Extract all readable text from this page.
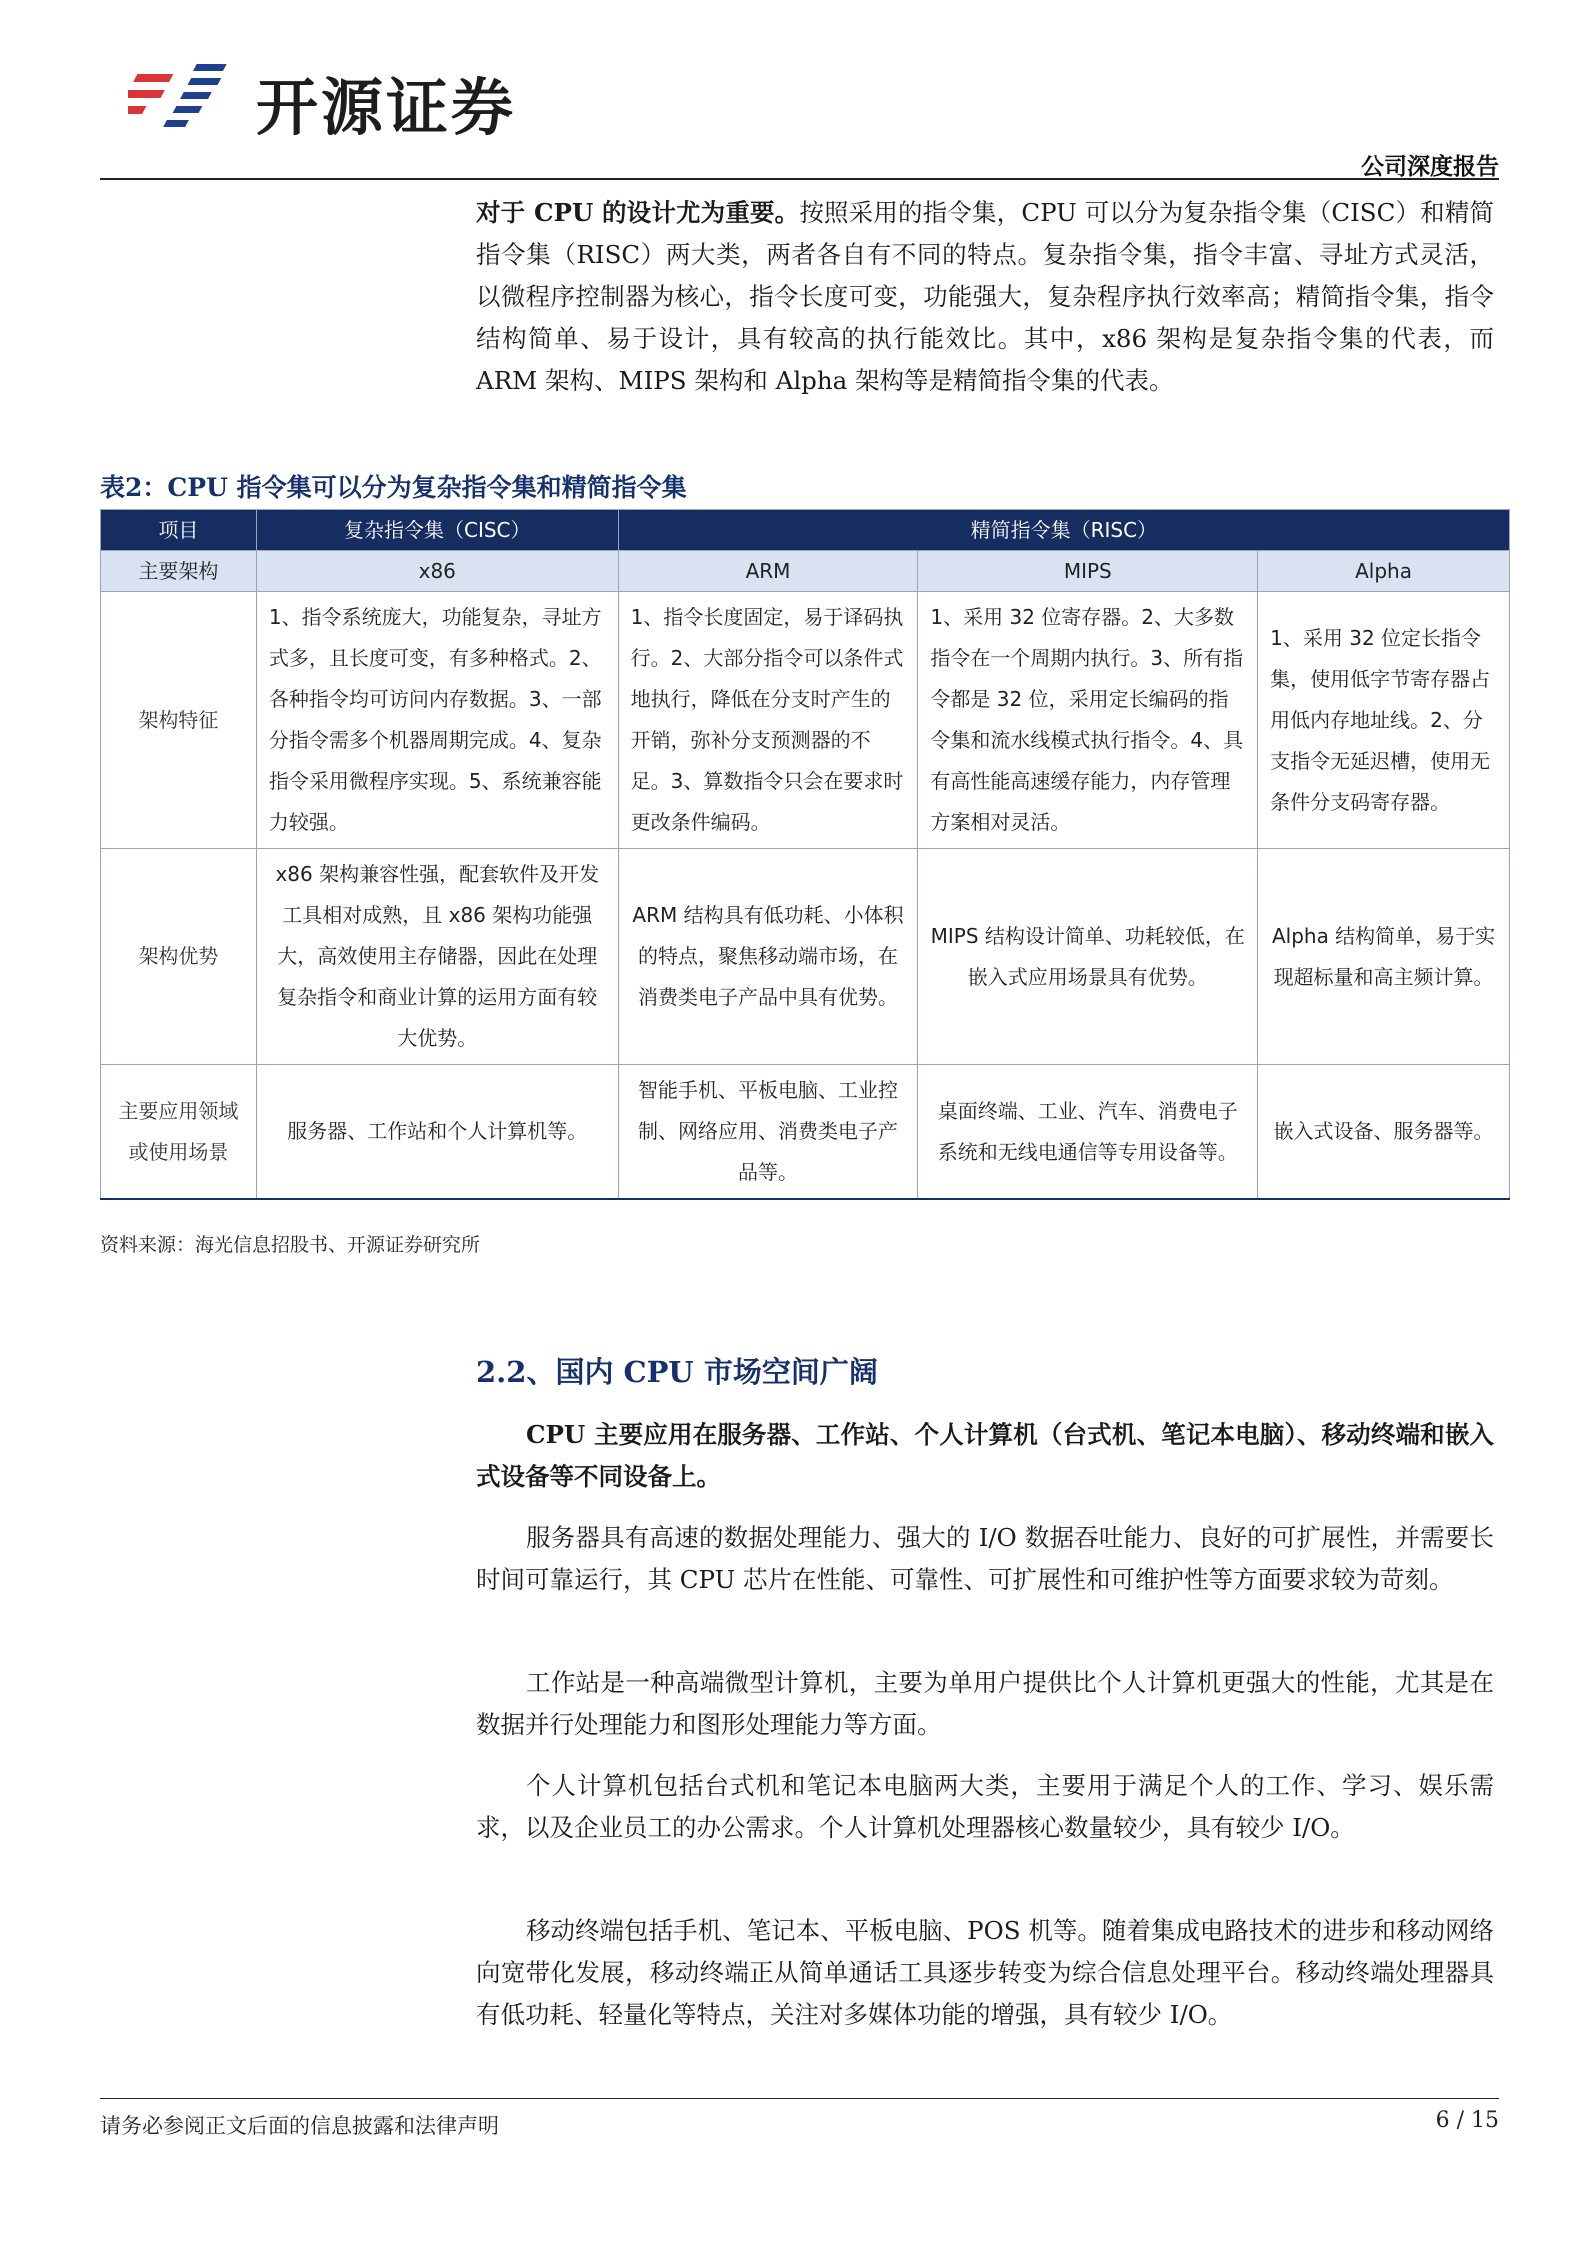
开源证券
公司深度报告

对于 CPU 的设计尤为重要。按照采用的指令集，CPU 可以分为复杂指令集（CISC）和精简指令集（RISC）两大类，两者各自有不同的特点。复杂指令集，指令丰富、寻址方式灵活，以微程序控制器为核心，指令长度可变，功能强大，复杂程序执行效率高；精简指令集，指令结构简单、易于设计，具有较高的执行能效比。其中，x86 架构是复杂指令集的代表，而 ARM 架构、MIPS 架构和 Alpha 架构等是精简指令集的代表。

表2：CPU 指令集可以分为复杂指令集和精简指令集
项目	复杂指令集（CISC）	精简指令集（RISC）		
主要架构	x86	ARM	MIPS	Alpha
架构特征	1、指令系统庞大，功能复杂，寻址方式多，且长度可变，有多种格式。2、各种指令均可访问内存数据。3、一部分指令需多个机器周期完成。4、复杂指令采用微程序实现。5、系统兼容能力较强。	1、指令长度固定，易于译码执行。2、大部分指令可以条件式地执行，降低在分支时产生的开销，弥补分支预测器的不足。3、算数指令只会在要求时更改条件编码。	1、采用 32 位寄存器。2、大多数指令在一个周期内执行。3、所有指令都是 32 位，采用定长编码的指令集和流水线模式执行指令。4、具有高性能高速缓存能力，内存管理方案相对灵活。	1、采用 32 位定长指令集，使用低字节寄存器占用低内存地址线。2、分支指令无延迟槽，使用无条件分支码寄存器。
架构优势	x86 架构兼容性强，配套软件及开发工具相对成熟，且 x86 架构功能强大，高效使用主存储器，因此在处理复杂指令和商业计算的运用方面有较大优势。	ARM 结构具有低功耗、小体积的特点，聚焦移动端市场，在消费类电子产品中具有优势。	MIPS 结构设计简单、功耗较低，在嵌入式应用场景具有优势。	Alpha 结构简单，易于实现超标量和高主频计算。
主要应用领域或使用场景	服务器、工作站和个人计算机等。	智能手机、平板电脑、工业控制、网络应用、消费类电子产品等。	桌面终端、工业、汽车、消费电子系统和无线电通信等专用设备等。	嵌入式设备、服务器等。
资料来源：海光信息招股书、开源证券研究所
2.2、国内 CPU 市场空间广阔

CPU 主要应用在服务器、工作站、个人计算机（台式机、笔记本电脑）、移动终端和嵌入式设备等不同设备上。

服务器具有高速的数据处理能力、强大的 I/O 数据吞吐能力、良好的可扩展性，并需要长时间可靠运行，其 CPU 芯片在性能、可靠性、可扩展性和可维护性等方面要求较为苛刻。

工作站是一种高端微型计算机，主要为单用户提供比个人计算机更强大的性能，尤其是在数据并行处理能力和图形处理能力等方面。

个人计算机包括台式机和笔记本电脑两大类，主要用于满足个人的工作、学习、娱乐需求，以及企业员工的办公需求。个人计算机处理器核心数量较少，具有较少 I/O。

移动终端包括手机、笔记本、平板电脑、POS 机等。随着集成电路技术的进步和移动网络向宽带化发展，移动终端正从简单通话工具逐步转变为综合信息处理平台。移动终端处理器具有低功耗、轻量化等特点，关注对多媒体功能的增强，具有较少 I/O。

请务必参阅正文后面的信息披露和法律声明	6 / 15
